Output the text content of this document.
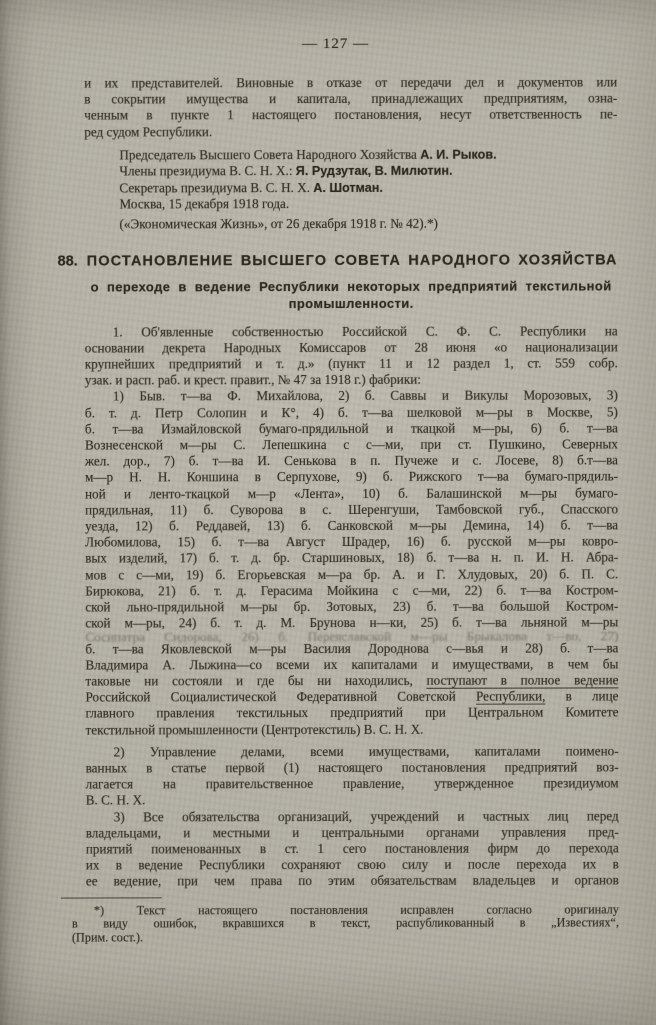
— 127 —
и их представителей. Виновные в отказе от передачи дел и документов или
в сокрытии имущества и капитала, принадлежащих предприятиям, озна-
ченным в пункте 1 настоящего постановления, несут ответственность пе-
ред судом Республики.
Председатель Высшего Совета Народного Хозяйства А. И. Рыков.
Члены президиума В. С. Н. Х.: Я. Рудзутак, В. Милютин.
Секретарь президиума В. С. Н. Х. А. Шотман.
Москва, 15 декабря 1918 года.
(«Экономическая Жизнь», от 26 декабря 1918 г. № 42).*)
88. ПОСТАНОВЛЕНИЕ ВЫСШЕГО СОВЕТА НАРОДНОГО ХОЗЯЙСТВА
о переходе в ведение Республики некоторых предприятий текстильной
промышленности.
1. Об'явленные собственностью Российской С. Ф. С. Республики на
основании декрета Народных Комиссаров от 28 июня «о национализации
крупнейших предприятий и т. д.» (пункт 11 и 12 раздел 1, ст. 559 собр.
узак. и расп. раб. и крест. правит., № 47 за 1918 г.) фабрики:
1) Быв. т—ва Ф. Михайлова, 2) б. Саввы и Викулы Морозовых, 3)
б. т. д. Петр Солопин и К°, 4) б. т—ва шелковой м—ры в Москве, 5)
б. т—ва Измайловской бумаго-прядильной и ткацкой м—ры, 6) б. т—ва
Вознесенской м—ры С. Лепешкина с с—ми, при ст. Пушкино, Северных
жел. дор., 7) б. т—ва И. Сенькова в п. Пучеже и с. Лосеве, 8) б.т—ва
м—р Н. Н. Коншина в Серпухове, 9) б. Рижского т—ва бумаго-прядиль-
ной и ленто-ткацкой м—р «Лента», 10) б. Балашинской м—ры бумаго-
прядильная, 11) б. Суворова в с. Шеренгуши, Тамбовской губ., Спасского
уезда, 12) б. Реддавей, 13) б. Санковской м—ры Демина, 14) б. т—ва
Любомилова, 15) б. т—ва Август Шрадер, 16) б. русской м—ры ковро-
вых изделий, 17) б. т. д. бр. Старшиновых, 18) б. т—ва н. п. И. Н. Абра-
мов с с—ми, 19) б. Егорьевская м—ра бр. А. и Г. Хлудовых, 20) б. П. С.
Бирюкова, 21) б. т. д. Герасима Мойкина с с—ми, 22) б. т—ва Костром-
ской льно-прядильной м—ры бр. Зотовых, 23) б. т—ва большой Костром-
ской м—ры, 24) б. т. д. М. Брунова н—ки, 25) б. т—ва льняной м—ры
Сосипатра Сидорова, 26) б. Переяславской м—ры Брыкалова т—во, 27)
б. т—ва Яковлевской м—ры Василия Дороднова с—вья и 28) б. т—ва
Владимира А. Лыжина—со всеми их капиталами и имуществами, в чем бы
таковые ни состояли и где бы ни находились, поступают в полное ведение
Российской Социалистической Федеративной Советской Республики, в лице
главного правления текстильных предприятий при Центральном Комитете
текстильной промышленности (Центротекстиль) В. С. Н. Х.
2) Управление делами, всеми имуществами, капиталами поимено-
ванных в статье первой (1) настоящего постановления предприятий воз-
лагается на правительственное правление, утвержденное президиумом
В. С. Н. Х.
3) Все обязательства организаций, учреждений и частных лиц перед
владельцами, и местными и центральными органами управления пред-
приятий поименованных в ст. 1 сего постановления фирм до перехода
их в ведение Республики сохраняют свою силу и после перехода их в
ее ведение, при чем права по этим обязательствам владельцев и органов
*) Текст настоящего постановления исправлен согласно оригиналу
в виду ошибок, вкравшихся в текст, распубликованный в „Известиях“,
(Прим. сост.).
